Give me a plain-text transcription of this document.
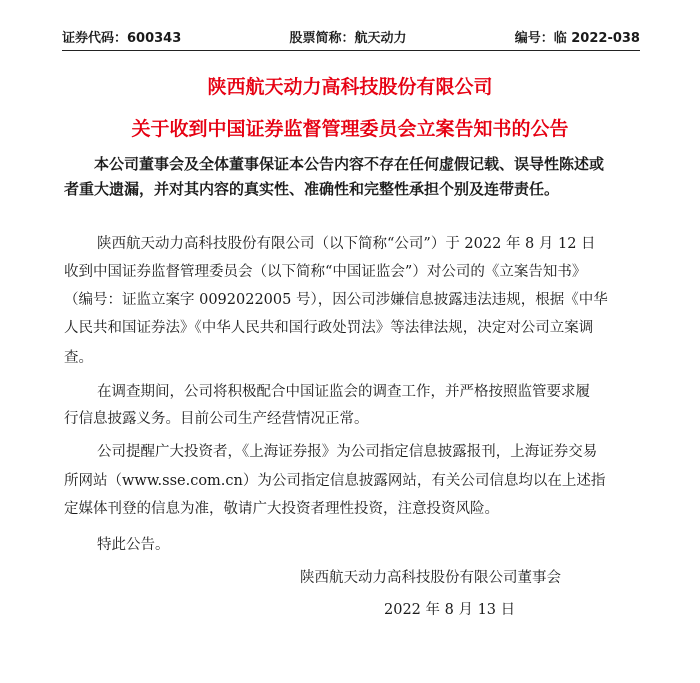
证券代码：600343	股票简称：航天动力	编号：临 2022-038
陕西航天动力高科技股份有限公司
关于收到中国证券监督管理委员会立案告知书的公告
本公司董事会及全体董事保证本公告内容不存在任何虚假记载、误导性陈述或
者重大遗漏，并对其内容的真实性、准确性和完整性承担个别及连带责任。
陕西航天动力高科技股份有限公司（以下简称“公司”）于 2022 年 8 月 12 日
收到中国证券监督管理委员会（以下简称“中国证监会”）对公司的《立案告知书》
（编号：证监立案字 0092022005 号），因公司涉嫌信息披露违法违规，根据《中华
人民共和国证券法》《中华人民共和国行政处罚法》等法律法规，决定对公司立案调
查。
在调查期间，公司将积极配合中国证监会的调查工作，并严格按照监管要求履
行信息披露义务。目前公司生产经营情况正常。
公司提醒广大投资者，《上海证券报》为公司指定信息披露报刊，上海证券交易
所网站（www.sse.com.cn）为公司指定信息披露网站，有关公司信息均以在上述指
定媒体刊登的信息为准，敬请广大投资者理性投资，注意投资风险。
特此公告。
陕西航天动力高科技股份有限公司董事会
2022 年 8 月 13 日
